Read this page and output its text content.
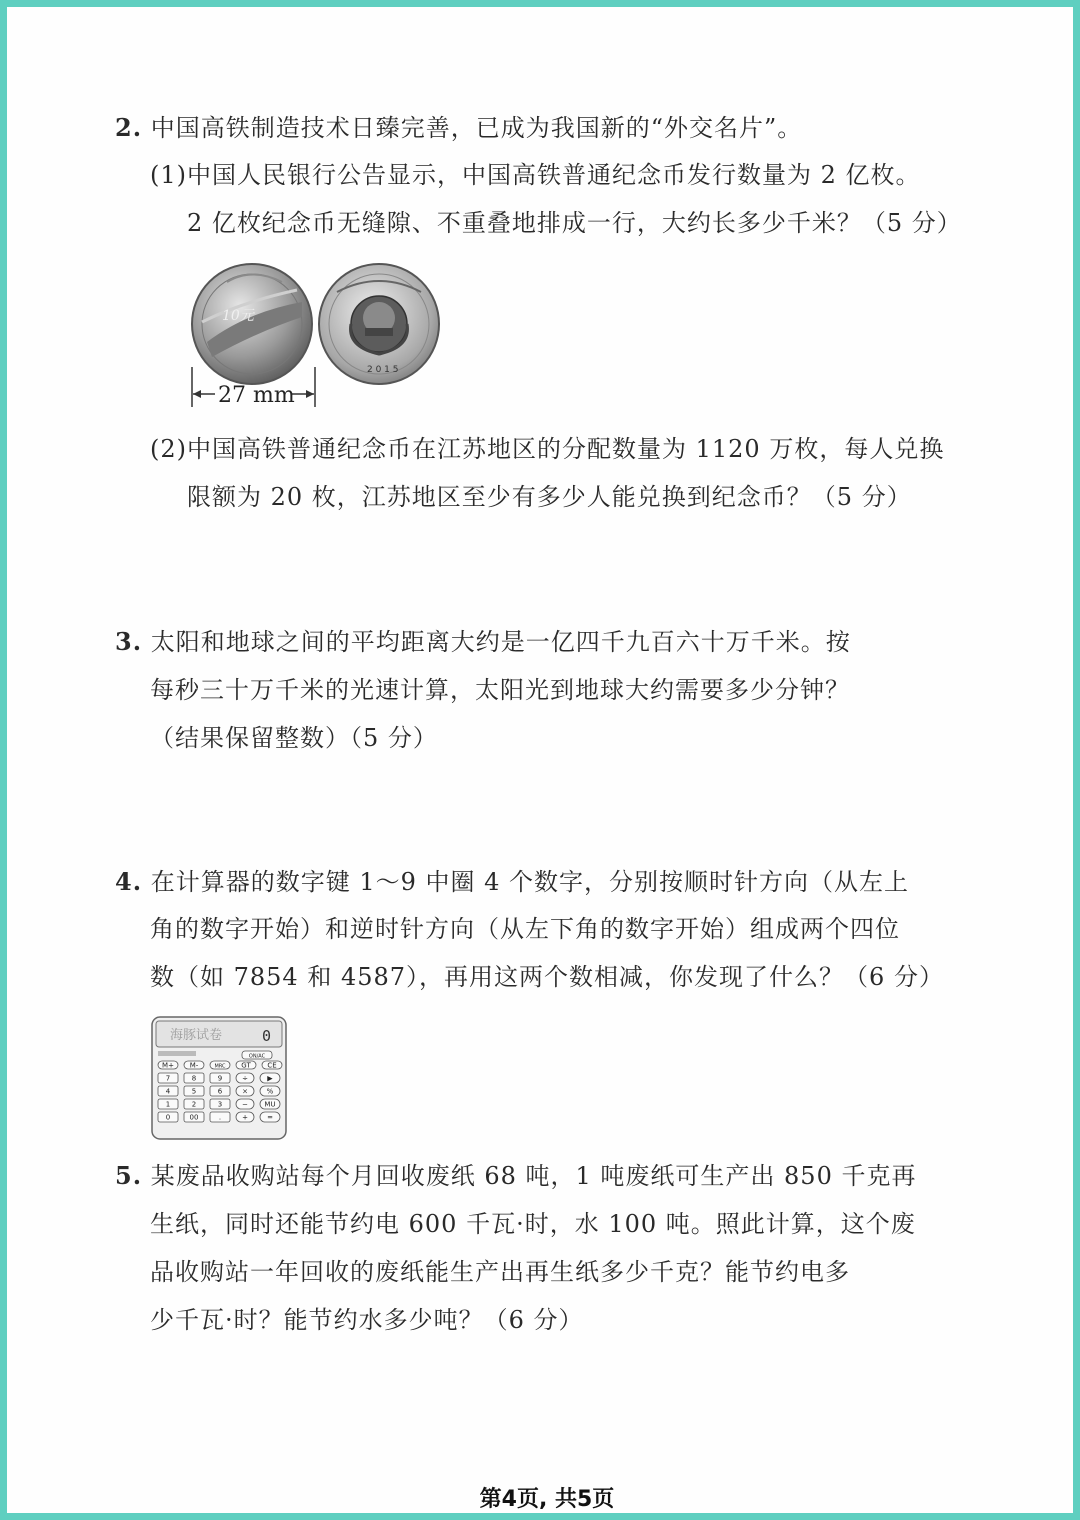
2. 中国高铁制造技术日臻完善，已成为我国新的“外交名片”。
(1)中国人民银行公告显示，中国高铁普通纪念币发行数量为 2 亿枚。
2 亿枚纪念币无缝隙、不重叠地排成一行，大约长多少千米？（5 分）
10元
2 0 1 5
27 mm
(2)中国高铁普通纪念币在江苏地区的分配数量为 1120 万枚，每人兑换
限额为 20 枚，江苏地区至少有多少人能兑换到纪念币？（5 分）
3. 太阳和地球之间的平均距离大约是一亿四千九百六十万千米。按
每秒三十万千米的光速计算，太阳光到地球大约需要多少分钟？
（结果保留整数）（5 分）
4. 在计算器的数字键 1～9 中圈 4 个数字，分别按顺时针方向（从左上
角的数字开始）和逆时针方向（从左下角的数字开始）组成两个四位
数（如 7854 和 4587），再用这两个数相减，你发现了什么？（6 分）
海豚试卷	0
ON/AC
M+ M-	MRC GT CE
7	8	9
4	5	6
1	2	3
0	00	.
÷
×
−
+
▶
%
MU
=
5. 某废品收购站每个月回收废纸 68 吨，1 吨废纸可生产出 850 千克再
生纸，同时还能节约电 600 千瓦·时，水 100 吨。照此计算，这个废
品收购站一年回收的废纸能生产出再生纸多少千克？能节约电多
少千瓦·时？能节约水多少吨？（6 分）
第4页, 共5页
